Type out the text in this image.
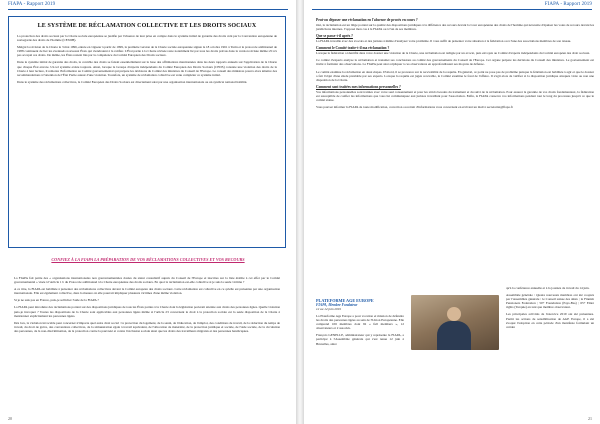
FIAPA - Rapport 2019
LE SYSTÈME DE RÉCLAMATION COLLECTIVE ET LES DROITS SOCIAUX

La protection des droits sociaux par la Charte sociale européenne se justifie par l'absence de leur prise en compte dans le système initial de garantie des droits créé par la Convention européenne de sauvegarde des droits de l'homme (CESDH).

Malgré la révision de la Charte le 3 mai 1996, entrée en vigueur à partir de 1999, la première version de la Charte sociale européenne signée le 18 octobre 1961 à Turin et le protocole additionnel de 1988 continuent de lier les éventuels nouveaux États qui viendraient à la ratifier. L'État partie à la Charte révisée reste notamment lié par tous les droits prévus dans la version révisée même s'il n'a pas accepté ces droits. De même, les États restent liés par la compétence du Comité Européen des Droits sociaux.

Dans le système initial de garantie des droits, le contrôle des droits se faisait essentiellement sur la base des affirmations mentionnées dans les deux rapports annuels sur l'application de la Charte que chaque État envoie. Un tel système existe toujours. Ainsi, lorsque le Groupe d'experts indépendants du Comité Européen des Droits Sociaux (CEDS) constate une violation des droits de la Charte à leur lecture, il remonte l'information au Comité gouvernemental qui prépare les décisions du Comité des ministres du Conseil de l'Europe. Le conseil des ministres pourra alors émettre des recommandations à l'attention de l'État Partie auteur d'une violation. Toutefois, un système de réclamation collective est venu compléter ce système initial.

Dans le système des réclamations collectives, le Comité Européen des Droits Sociaux est directement saisi par une organisation internationale ou un syndicat national habilité.

CONFIEZ À LA FIAPA LA PRÉPARATION DE VOS RÉCLAMATIONS COLLECTIVES ET VOS RECOURS

La FIAPA fait partie des « organisations internationales non gouvernementales dotées du statut consultatif auprès du Conseil de l'Europe et inscrites sur la liste établie à cet effet par le Comité gouvernemental » visée à l'Article 1 b du Protocole additionnel à la Charte européenne des droits sociaux. En quoi la réclamation est-elle collective si je suis la seule victime ?

A ce titre, la FIAPA est habilitée à présenter des réclamations collectives devant le Comité européen des droits sociaux. Cette réclamation est collective en ce qu'elle est présentée par une organisation internationale. Elle est également collective, dans la mesure où elle pourrait impliquer plusieurs victimes d'une même violation.

Si je ne suis pas en France, puis-je solliciter l'aide de la FIAPA ?

La FIAPA peut introduire des réclamations portant sur des dispositions juridiques de tous les États parties à la Charte dont la législation porterait atteinte aux droits des personnes âgées. Quelle violation puis-je invoquer ? Toutes les dispositions de la Charte sont applicables aux personnes âgées même si l'article 23 concernant le droit à la protection sociale est la seule disposition de la Charte à mentionner explicitement les personnes âgées.

Dès lors, la violation invocable peut concerner n'importe quel autre droit social : la protection du logement, de la santé, de l'éducation, de l'emploi, des conditions de travail, de la réduction du temps de travail, du droit de grève, des conventions collectives, de la rémunération égale à travail équivalent, de l'allocation de maternité, de la protection juridique et sociale, de l'aide sociale, de la circulation des personnes, de la non-discrimination, de la protection contre la pauvreté et contre l'exclusion sociale ainsi que les droits des travailleurs migrants et des personnes handicapées.

20
FIAPA - Rapport 2019
Peut-on déposer une réclamation en l'absence de procès en cours ?

Oui, la réclamation est un litige portant sur la qualité des dispositions juridiques à la différence des recours devant la Cour européenne des droits de l'homme qui nécessite d'épuiser les voies de recours devant les juridictions internes. J'opposé mon cas à la FIAPA ou à l'un de ses membres.

Que se passe-t-il après ?

La FIAPA travaille avec des avocats et des juristes à même d'analyser votre problème. Il vous suffit de présenter votre situation à la fédération ou à l'une des associations membres de son réseau.

Comment le Comité traite-t-il ma réclamation ?

Lorsque la fédération a identifié dans votre dossier une violation de la Charte, une réclamation est rédigée par un avocat, puis envoyée au Comité d'experts indépendants du Comité européen des droit sociaux.

Ce comité d'experts analyse la réclamation et transmet ses conclusions au comité des gouvernements du Conseil de l'Europe. Cet organe prépare les décisions du Conseil des ministres. Le gouvernement est invité à formuler des observations. La FIAPA peut alors répliquer à ces observations en approfondissant ses moyens de défense.

Le comité examine la réclamation en deux étapes. D'abord, il se prononce sur la recevabilité de la requête. En général, ce point ne pose pas de problème puisque la fédération est habilitée à agir et que le dossier a fait l'objet d'une étude préalable par ses experts. Lorsque la requête est jugée recevable, le Comité examine le fond de l'affaire. Il s'agit alors de vérifier si la disposition juridique attaquée viole ou non une disposition de la Charte.

Comment sont traitées mes informations personnelles ?

Vos informations personnelles sont traitées avec votre seul consentement et pour les stricts besoins du traitement et du suivi de la réclamation. Pour assurer la garantie de vos droits fondamentaux, la fédération est susceptible de confier les informations que vous lui communiquez aux juristes travaillant pour l'association. Enfin, la FIAPA conserve vos informations pendant tout le long du processus jusqu'à ce que le comité statue.

Vous pouvez informer la FIAPA de toute modification, correction ou retrait d'informations vous concernant en écrivant un mail à secretariat@fiapa.fr

PLATEFORME AGE EUROPE
FIAPA, Membre Fondateur
12 au 14 juin 2019

La Plateforme Age Europe a pour vocation et mission de défendre les droits des personnes âgées au sein de l'Union Européenne. Elle comprend 106 membres dont 92 « full members », 12 observateurs et 2 associés.

François GENELLE, administrateur qui y représente la FIAPA, a participé à l'Assemblée générale qui s'est tenue 12 juin à Bruxelles, ainsi

qu'à la conférence annuelle et à la journée de travail du 14 juin.

Assemblée générale : Quatre nouveaux membres ont été cooptés par l'Assemblée générale : le Conseil suisse des aînés ; la Finnish Pensioners Federation ; 50+ Foundation (Pays-Bas) ; 65+ Elder rights (Turquie) en tant que membre observateur.

Les principales activités de l'exercice 2019 ont été présentées. Parmi les actions de sensibilisation de AGE Europe, il a été évoqué l'adoption en cette période d'un manifeste formulant un certain

21
